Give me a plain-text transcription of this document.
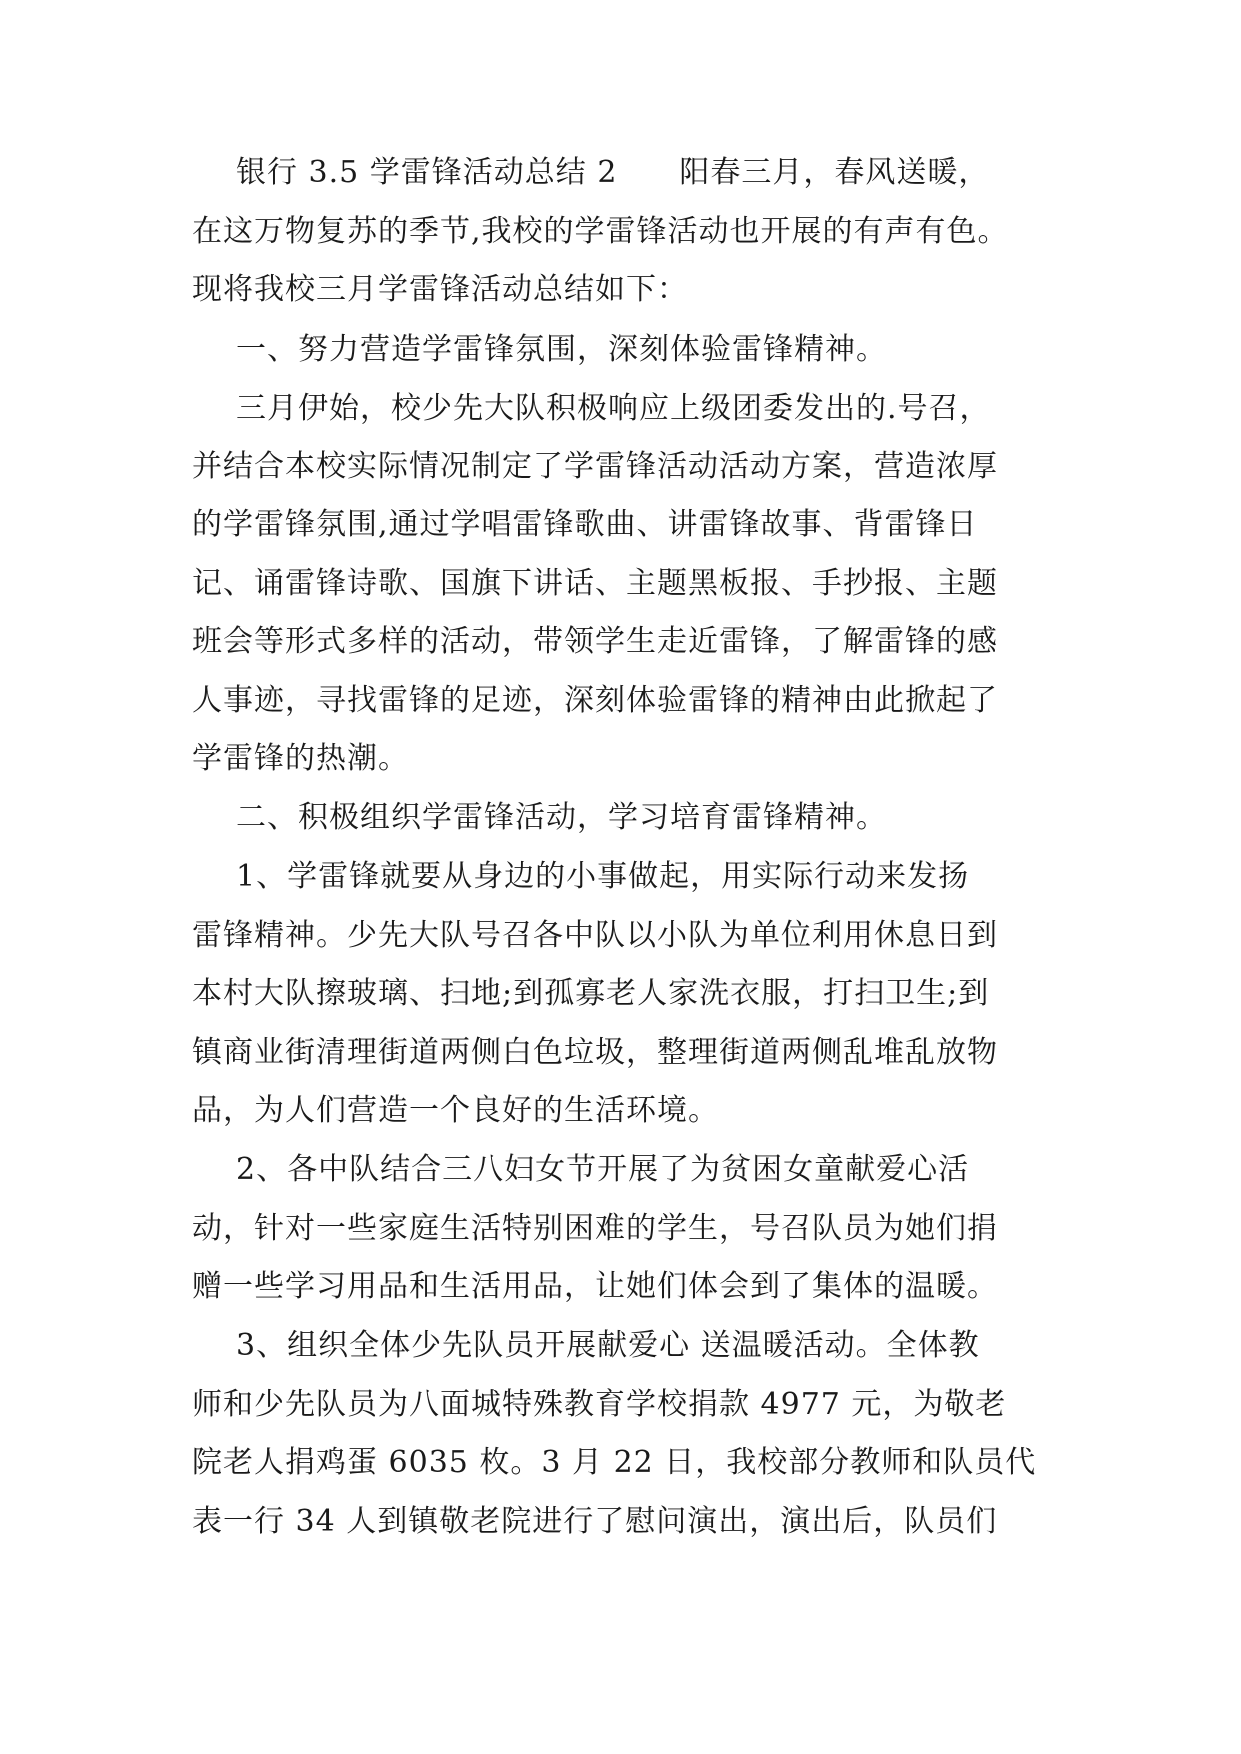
银行 3.5 学雷锋活动总结 2　　阳春三月，春风送暖，
在这万物复苏的季节,我校的学雷锋活动也开展的有声有色。
现将我校三月学雷锋活动总结如下：
一、努力营造学雷锋氛围，深刻体验雷锋精神。
三月伊始，校少先大队积极响应上级团委发出的.号召，
并结合本校实际情况制定了学雷锋活动活动方案，营造浓厚
的学雷锋氛围,通过学唱雷锋歌曲、讲雷锋故事、背雷锋日
记、诵雷锋诗歌、国旗下讲话、主题黑板报、手抄报、主题
班会等形式多样的活动，带领学生走近雷锋，了解雷锋的感
人事迹，寻找雷锋的足迹，深刻体验雷锋的精神由此掀起了
学雷锋的热潮。
二、积极组织学雷锋活动，学习培育雷锋精神。
1、学雷锋就要从身边的小事做起，用实际行动来发扬
雷锋精神。少先大队号召各中队以小队为单位利用休息日到
本村大队擦玻璃、扫地;到孤寡老人家洗衣服，打扫卫生;到
镇商业街清理街道两侧白色垃圾，整理街道两侧乱堆乱放物
品，为人们营造一个良好的生活环境。
2、各中队结合三八妇女节开展了为贫困女童献爱心活
动，针对一些家庭生活特别困难的学生，号召队员为她们捐
赠一些学习用品和生活用品，让她们体会到了集体的温暖。
3、组织全体少先队员开展献爱心 送温暖活动。全体教
师和少先队员为八面城特殊教育学校捐款 4977 元，为敬老
院老人捐鸡蛋 6035 枚。3 月 22 日，我校部分教师和队员代
表一行 34 人到镇敬老院进行了慰问演出，演出后，队员们
